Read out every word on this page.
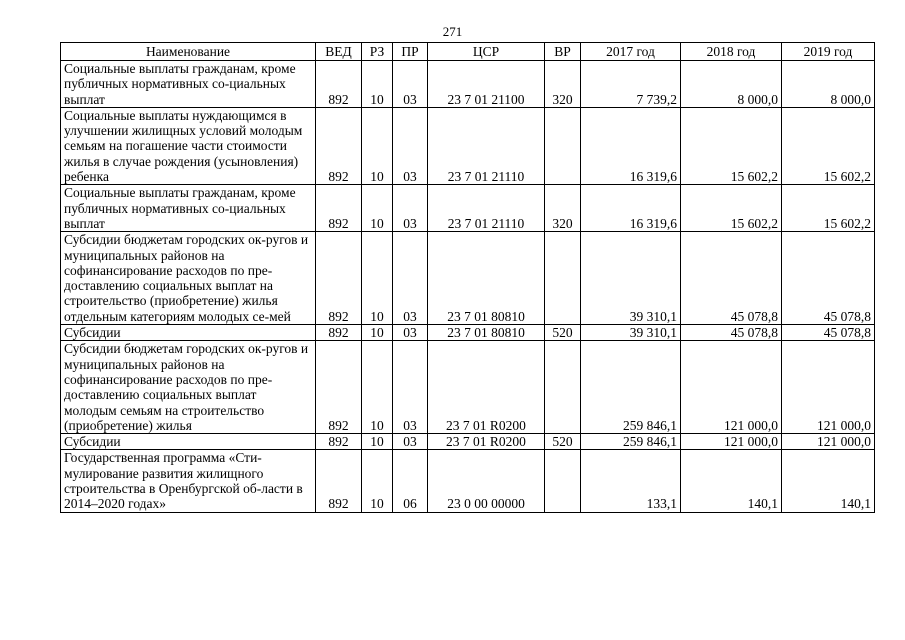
271
Наименование	ВЕД	РЗ	ПР	ЦСР	ВР	2017 год	2018 год	2019 год
Социальные выплаты гражданам, кроме публичных нормативных со-циальных выплат	892	10	03	23 7 01 21100	320	7 739,2	8 000,0	8 000,0
Социальные выплаты нуждающимся в улучшении жилищных условий молодым семьям на погашение части стоимости жилья в случае рождения (усыновления) ребенка	892	10	03	23 7 01 21110		16 319,6	15 602,2	15 602,2
Социальные выплаты гражданам, кроме публичных нормативных со-циальных выплат	892	10	03	23 7 01 21110	320	16 319,6	15 602,2	15 602,2
Субсидии бюджетам городских ок-ругов и муниципальных районов на софинансирование расходов по пре-доставлению социальных выплат на строительство (приобретение) жилья отдельным категориям молодых се-мей	892	10	03	23 7 01 80810		39 310,1	45 078,8	45 078,8
Субсидии	892	10	03	23 7 01 80810	520	39 310,1	45 078,8	45 078,8
Субсидии бюджетам городских ок-ругов и муниципальных районов на софинансирование расходов по пре-доставлению социальных выплат молодым семьям на строительство (приобретение) жилья	892	10	03	23 7 01 R0200		259 846,1	121 000,0	121 000,0
Субсидии	892	10	03	23 7 01 R0200	520	259 846,1	121 000,0	121 000,0
Государственная программа «Сти-мулирование развития жилищного строительства в Оренбургской об-ласти в 2014–2020 годах»	892	10	06	23 0 00 00000		133,1	140,1	140,1
